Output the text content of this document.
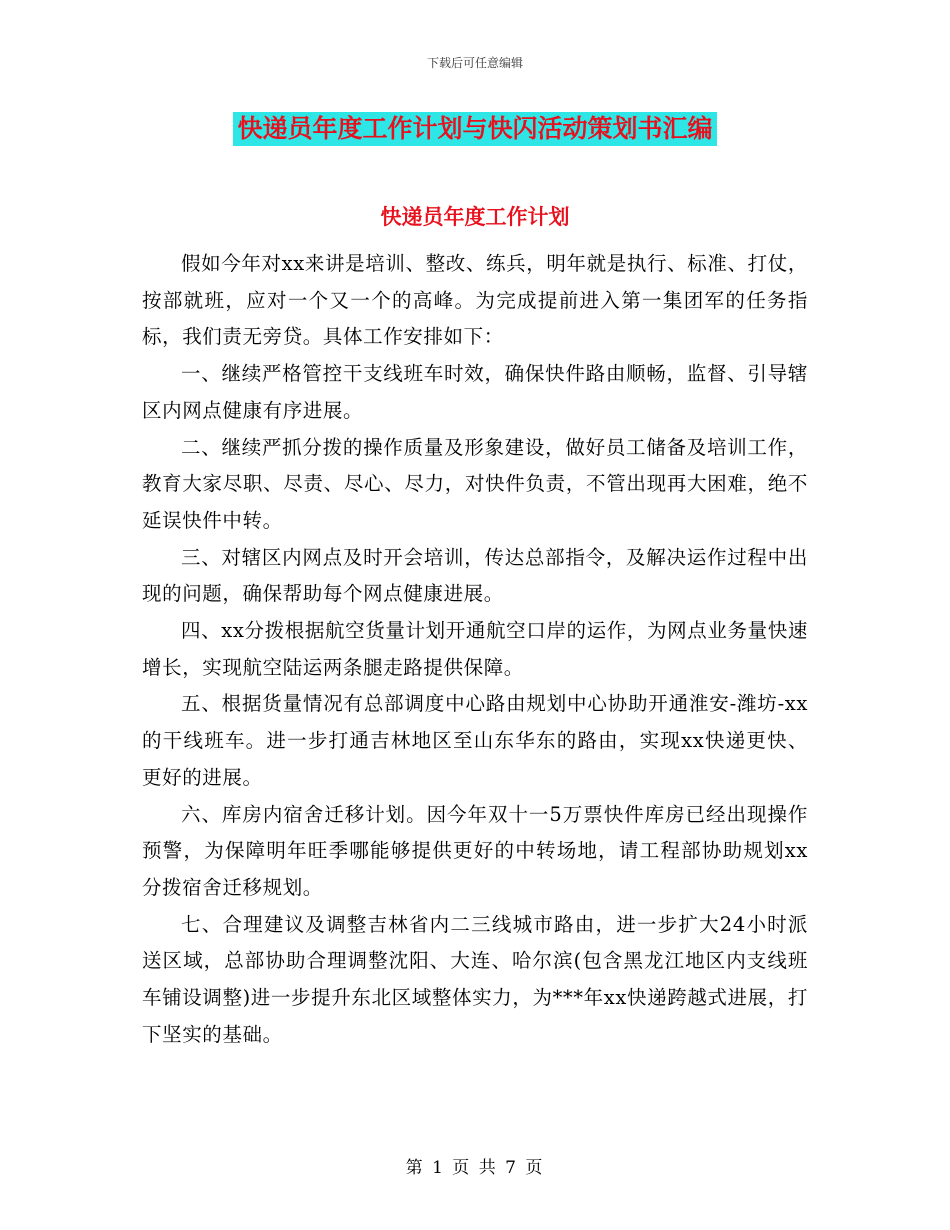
下载后可任意编辑
快递员年度工作计划与快闪活动策划书汇编
快递员年度工作计划

假如今年对xx来讲是培训、整改、练兵，明年就是执行、标准、打仗，按部就班，应对一个又一个的高峰。为完成提前进入第一集团军的任务指标，我们责无旁贷。具体工作安排如下：

一、继续严格管控干支线班车时效，确保快件路由顺畅，监督、引导辖区内网点健康有序进展。

二、继续严抓分拨的操作质量及形象建设，做好员工储备及培训工作，教育大家尽职、尽责、尽心、尽力，对快件负责，不管出现再大困难，绝不延误快件中转。

三、对辖区内网点及时开会培训，传达总部指令，及解决运作过程中出现的问题，确保帮助每个网点健康进展。

四、xx分拨根据航空货量计划开通航空口岸的运作，为网点业务量快速增长，实现航空陆运两条腿走路提供保障。

五、根据货量情况有总部调度中心路由规划中心协助开通淮安-潍坊-xx的干线班车。进一步打通吉林地区至山东华东的路由，实现xx快递更快、更好的进展。

六、库房内宿舍迁移计划。因今年双十一5万票快件库房已经出现操作预警，为保障明年旺季哪能够提供更好的中转场地，请工程部协助规划xx分拨宿舍迁移规划。

七、合理建议及调整吉林省内二三线城市路由，进一步扩大24小时派送区域，总部协助合理调整沈阳、大连、哈尔滨(包含黑龙江地区内支线班车铺设调整)进一步提升东北区域整体实力，为***年xx快递跨越式进展，打下坚实的基础。

第 1 页 共 7 页
